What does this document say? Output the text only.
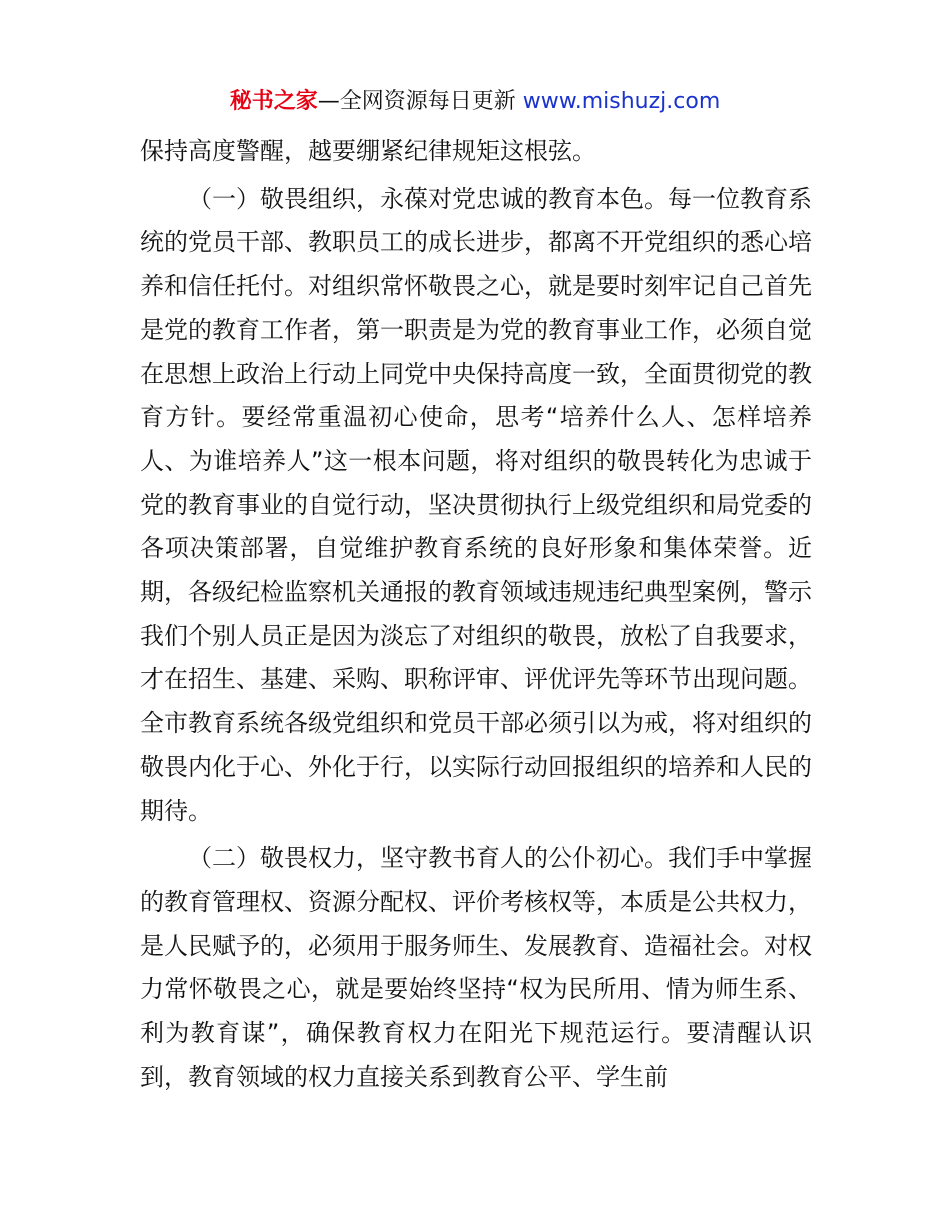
秘书之家—全网资源每日更新 www.mishuzj.com

保持高度警醒，越要绷紧纪律规矩这根弦。

（一）敬畏组织，永葆对党忠诚的教育本色。每一位教育系统的党员干部、教职员工的成长进步，都离不开党组织的悉心培养和信任托付。对组织常怀敬畏之心，就是要时刻牢记自己首先是党的教育工作者，第一职责是为党的教育事业工作，必须自觉在思想上政治上行动上同党中央保持高度一致，全面贯彻党的教育方针。要经常重温初心使命，思考“培养什么人、怎样培养人、为谁培养人”这一根本问题，将对组织的敬畏转化为忠诚于党的教育事业的自觉行动，坚决贯彻执行上级党组织和局党委的各项决策部署，自觉维护教育系统的良好形象和集体荣誉。近期，各级纪检监察机关通报的教育领域违规违纪典型案例，警示我们个别人员正是因为淡忘了对组织的敬畏，放松了自我要求，才在招生、基建、采购、职称评审、评优评先等环节出现问题。全市教育系统各级党组织和党员干部必须引以为戒，将对组织的敬畏内化于心、外化于行，以实际行动回报组织的培养和人民的期待。

（二）敬畏权力，坚守教书育人的公仆初心。我们手中掌握的教育管理权、资源分配权、评价考核权等，本质是公共权力，是人民赋予的，必须用于服务师生、发展教育、造福社会。对权力常怀敬畏之心，就是要始终坚持“权为民所用、情为师生系、利为教育谋”，确保教育权力在阳光下规范运行。要清醒认识到，教育领域的权力直接关系到教育公平、学生前
